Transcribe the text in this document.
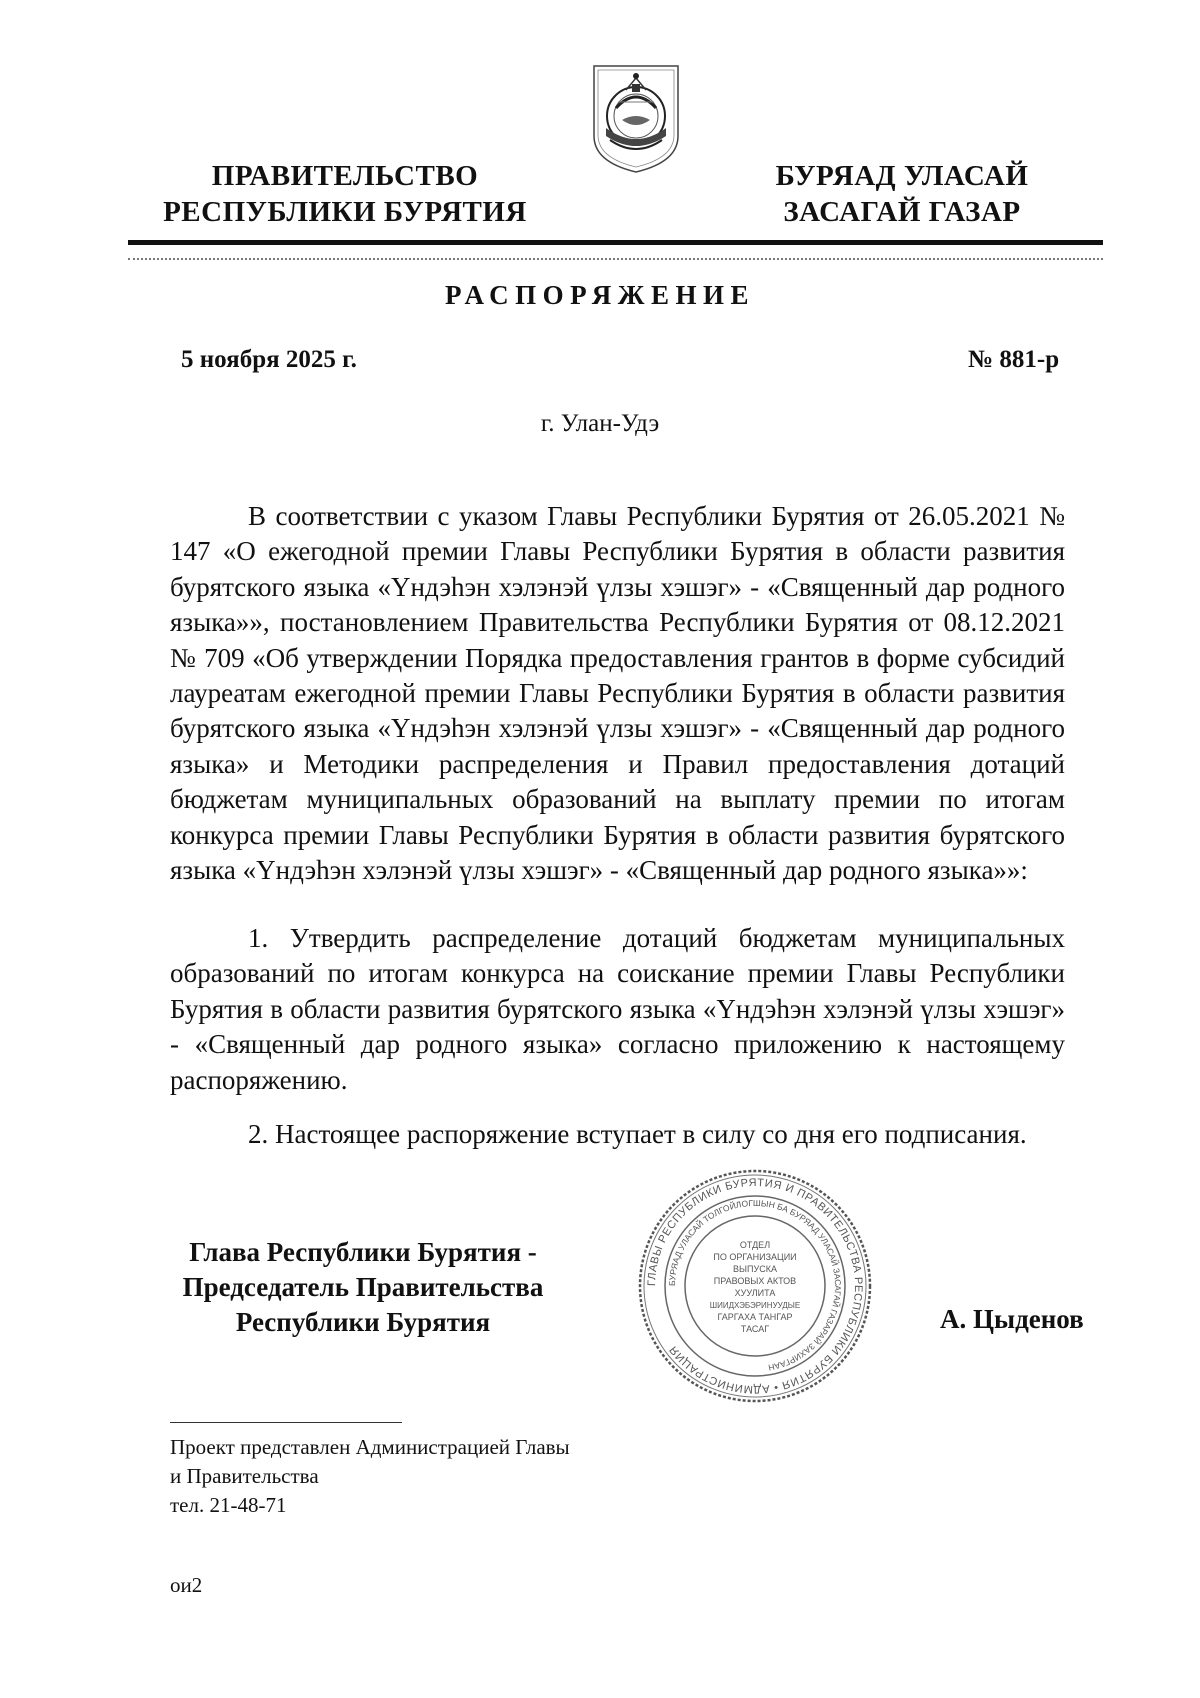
ПРАВИТЕЛЬСТВО
РЕСПУБЛИКИ БУРЯТИЯ
БУРЯАД УЛАСАЙ
ЗАСАГАЙ ГАЗАР
РАСПОРЯЖЕНИЕ
5 ноября 2025 г.	№ 881-р
г. Улан-Удэ
В соответствии с указом Главы Республики Бурятия от 26.05.2021 № 147 «О ежегодной премии Главы Республики Бурятия в области развития бурятского языка «Үндэһэн хэлэнэй үлзы хэшэг» - «Священный дар родного языка»», постановлением Правительства Республики Бурятия от 08.12.2021 № 709 «Об утверждении Порядка предоставления грантов в форме субсидий лауреатам ежегодной премии Главы Республики Бурятия в области развития бурятского языка «Үндэһэн хэлэнэй үлзы хэшэг» - «Священный дар родного языка» и Методики распределения и Правил предоставления дотаций бюджетам муниципальных образований на выплату премии по итогам конкурса премии Главы Республики Бурятия в области развития бурятского языка «Үндэһэн хэлэнэй үлзы хэшэг» - «Священный дар родного языка»»:
1. Утвердить распределение дотаций бюджетам муниципальных образований по итогам конкурса на соискание премии Главы Республики Бурятия в области развития бурятского языка «Үндэһэн хэлэнэй үлзы хэшэг» - «Священный дар родного языка» согласно приложению к настоящему распоряжению.
2. Настоящее распоряжение вступает в силу со дня его подписания.
Глава Республики Бурятия -
Председатель Правительства
Республики Бурятия
ГЛАВЫ РЕСПУБЛИКИ БУРЯТИЯ И ПРАВИТЕЛЬСТВА РЕСПУБЛИКИ БУРЯТИЯ • АДМИНИСТРАЦИЯ
БУРЯАД УЛАСАЙ ТОЛГОЙЛОГШЫН БА БУРЯАД УЛАСАЙ ЗАСАГАЙ ГАЗАРАЙ ЗАХИРГААН
ОТДЕЛ
ПО ОРГАНИЗАЦИИ
ВЫПУСКА
ПРАВОВЫХ АКТОВ
ХУУЛИТА
ШИИДХЭБЭРИНУУДЫЕ
ГАРГАХА ТАНГАР
ТАСАГ	А. Цыденов
Проект представлен Администрацией Главы
и Правительства
тел. 21-48-71
ои2
